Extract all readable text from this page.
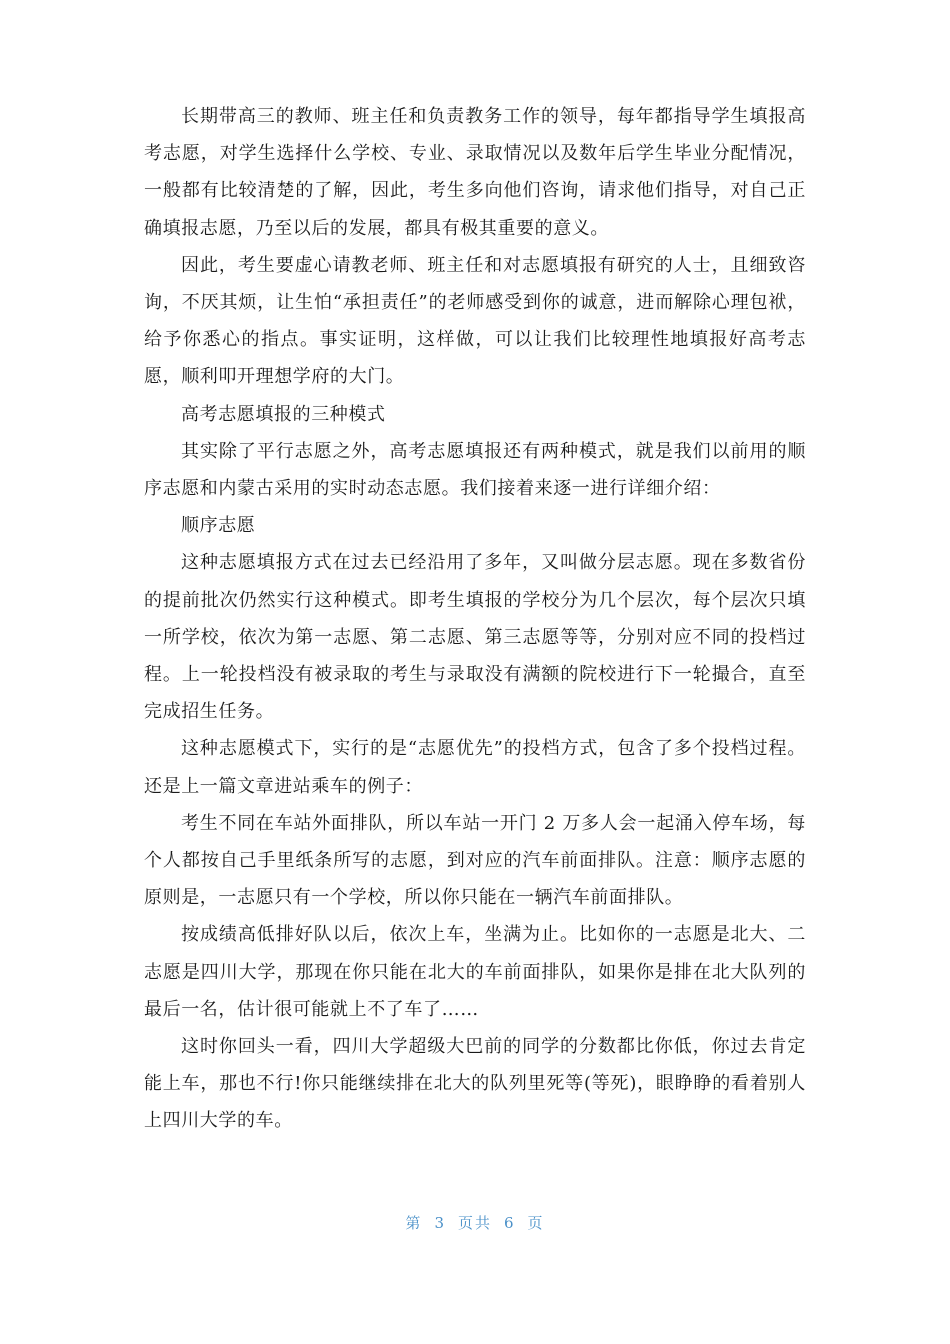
长期带高三的教师、班主任和负责教务工作的领导，每年都指导学生填报高考志愿，对学生选择什么学校、专业、录取情况以及数年后学生毕业分配情况，一般都有比较清楚的了解，因此，考生多向他们咨询，请求他们指导，对自己正确填报志愿，乃至以后的发展，都具有极其重要的意义。

因此，考生要虚心请教老师、班主任和对志愿填报有研究的人士，且细致咨询，不厌其烦，让生怕“承担责任”的老师感受到你的诚意，进而解除心理包袱，给予你悉心的指点。事实证明，这样做，可以让我们比较理性地填报好高考志愿，顺利叩开理想学府的大门。

高考志愿填报的三种模式

其实除了平行志愿之外，高考志愿填报还有两种模式，就是我们以前用的顺序志愿和内蒙古采用的实时动态志愿。我们接着来逐一进行详细介绍：

顺序志愿

这种志愿填报方式在过去已经沿用了多年，又叫做分层志愿。现在多数省份的提前批次仍然实行这种模式。即考生填报的学校分为几个层次，每个层次只填一所学校，依次为第一志愿、第二志愿、第三志愿等等，分别对应不同的投档过程。上一轮投档没有被录取的考生与录取没有满额的院校进行下一轮撮合，直至完成招生任务。

这种志愿模式下，实行的是“志愿优先”的投档方式，包含了多个投档过程。还是上一篇文章进站乘车的例子：

考生不同在车站外面排队，所以车站一开门 2 万多人会一起涌入停车场，每个人都按自己手里纸条所写的志愿，到对应的汽车前面排队。注意：顺序志愿的原则是，一志愿只有一个学校，所以你只能在一辆汽车前面排队。

按成绩高低排好队以后，依次上车，坐满为止。比如你的一志愿是北大、二志愿是四川大学，那现在你只能在北大的车前面排队，如果你是排在北大队列的最后一名，估计很可能就上不了车了……

这时你回头一看，四川大学超级大巴前的同学的分数都比你低，你过去肯定能上车，那也不行!你只能继续排在北大的队列里死等(等死)，眼睁睁的看着别人上四川大学的车。

第 3 页共 6 页
